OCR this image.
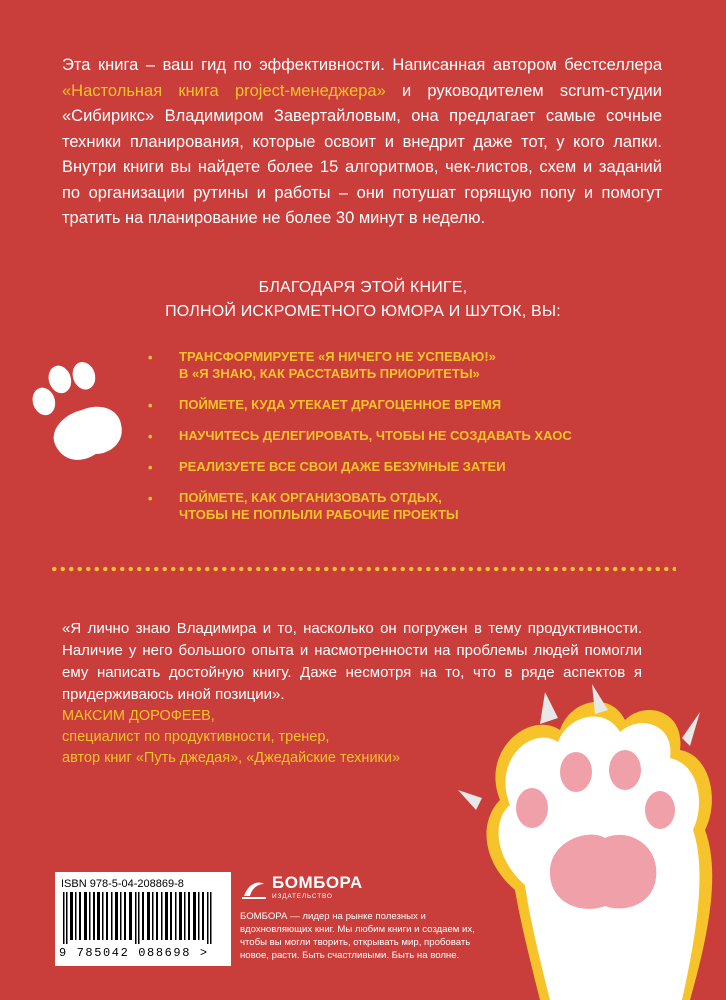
Эта книга – ваш гид по эффективности. Написанная автором бестселлера «Настольная книга project-менеджера» и руководителем scrum-студии «Сибирикс» Владимиром Завертайловым, она предлагает самые сочные техники планирования, которые освоит и внедрит даже тот, у кого лапки. Внутри книги вы найдете более 15 алгоритмов, чек-листов, схем и заданий по организации рутины и работы – они потушат горящую попу и помогут тратить на планирование не более 30 минут в неделю.

БЛАГОДАРЯ ЭТОЙ КНИГЕ,
ПОЛНОЙ ИСКРОМЕТНОГО ЮМОРА И ШУТОК, ВЫ:
• ТРАНСФОРМИРУЕТЕ «Я НИЧЕГО НЕ УСПЕВАЮ!»
В «Я ЗНАЮ, КАК РАССТАВИТЬ ПРИОРИТЕТЫ»
• ПОЙМЕТЕ, КУДА УТЕКАЕТ ДРАГОЦЕННОЕ ВРЕМЯ
• НАУЧИТЕСЬ ДЕЛЕГИРОВАТЬ, ЧТОБЫ НЕ СОЗДАВАТЬ ХАОС
• РЕАЛИЗУЕТЕ ВСЕ СВОИ ДАЖЕ БЕЗУМНЫЕ ЗАТЕИ
• ПОЙМЕТЕ, КАК ОРГАНИЗОВАТЬ ОТДЫХ,
ЧТОБЫ НЕ ПОПЛЫЛИ РАБОЧИЕ ПРОЕКТЫ

«Я лично знаю Владимира и то, насколько он погружен в тему продуктивности. Наличие у него большого опыта и насмотренности на проблемы людей помогли ему написать достойную книгу. Даже несмотря на то, что в ряде аспектов я придерживаюсь иной позиции».

МАКСИМ ДОРОФЕЕВ,
специалист по продуктивности, тренер,
автор книг «Путь джедая», «Джедайские техники»
ISBN 978-5-04-208869-8
9 785042 088698 >
БОМБОРА
ИЗДАТЕЛЬСТВО

БОМБОРА — лидер на рынке полезных и вдохновляющих книг. Мы любим книги и создаем их, чтобы вы могли творить, открывать мир, пробовать новое, расти. Быть счастливыми. Быть на волне.
